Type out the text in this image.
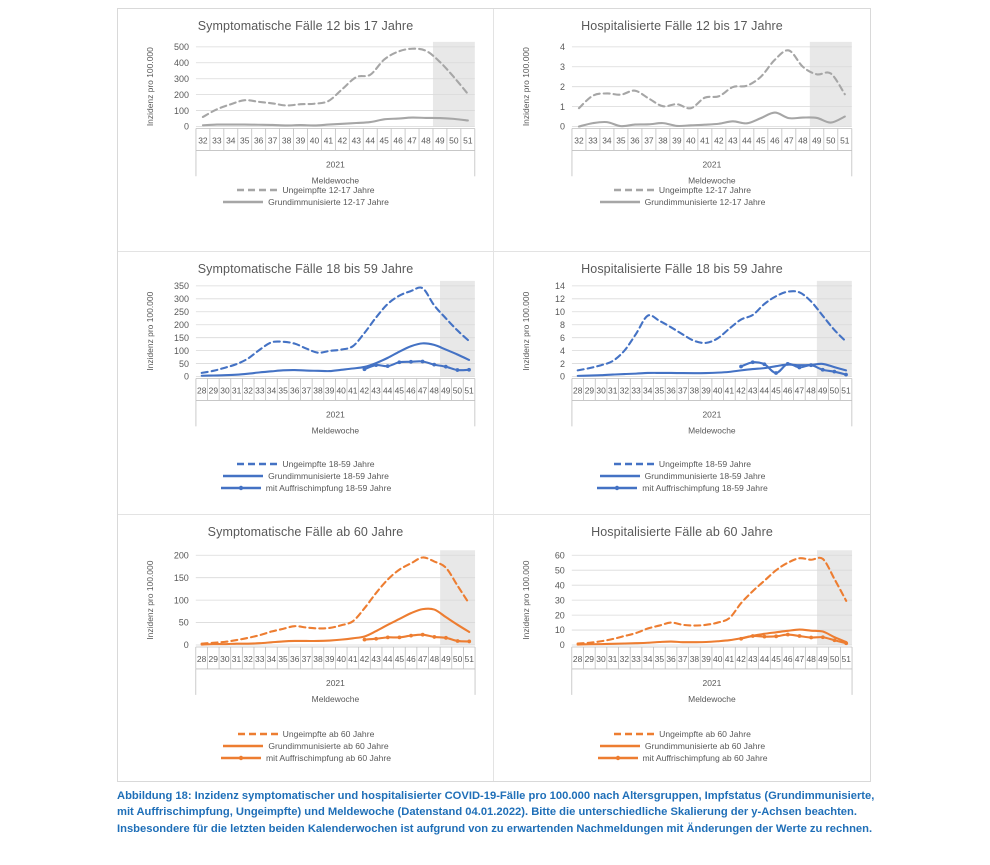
Symptomatische Fälle 12 bis 17 Jahre
0
100
200
300
400
500
32 33 34 35 36 37 38 39 40 41 42 43 44 45 46 47 48 49 50 51
2021
Meldewoche
Inzidenz pro 100.000
Ungeimpfte 12-17 Jahre
Grundimmunisierte 12-17 Jahre
Hospitalisierte Fälle 12 bis 17 Jahre
0
1
2
3
4
32 33 34 35 36 37 38 39 40 41 42 43 44 45 46 47 48 49 50 51
2021
Meldewoche
Inzidenz pro 100.000
Ungeimpfte 12-17 Jahre
Grundimmunisierte 12-17 Jahre
Symptomatische Fälle 18 bis 59 Jahre
0
50
100
150
200
250
300
350
28 29 30 31 32 33 34 35 36 37 38 39 40 41 42 43 44 45 46 47 48 49 50 51
2021
Meldewoche
Inzidenz pro 100.000
Ungeimpfte 18-59 Jahre
Grundimmunisierte 18-59 Jahre
mit Auffrischimpfung 18-59 Jahre
Hospitalisierte Fälle 18 bis 59 Jahre
0
2
4
6
8
10
12
14
28 29 30 31 32 33 34 35 36 37 38 39 40 41 42 43 44 45 46 47 48 49 50 51
2021
Meldewoche
Inzidenz pro 100.000
Ungeimpfte 18-59 Jahre
Grundimmunisierte 18-59 Jahre
mit Auffrischimpfung 18-59 Jahre
Symptomatische Fälle ab 60 Jahre
0
50
100
150
200
28 29 30 31 32 33 34 35 36 37 38 39 40 41 42 43 44 45 46 47 48 49 50 51
2021
Meldewoche
Inzidenz pro 100.000
Ungeimpfte ab 60 Jahre
Grundimmunisierte ab 60 Jahre
mit Auffrischimpfung ab 60 Jahre
Hospitalisierte Fälle ab 60 Jahre
0
10
20
30
40
50
60
28 29 30 31 32 33 34 35 36 37 38 39 40 41 42 43 44 45 46 47 48 49 50 51
2021
Meldewoche
Inzidenz pro 100.000
Ungeimpfte ab 60 Jahre
Grundimmunisierte ab 60 Jahre
mit Auffrischimpfung ab 60 Jahre
Abbildung 18: Inzidenz symptomatischer und hospitalisierter COVID-19-Fälle pro 100.000 nach Altersgruppen, Impfstatus (Grundimmunisierte, mit Auffrischimpfung, Ungeimpfte) und Meldewoche (Datenstand 04.01.2022). Bitte die unterschiedliche Skalierung der y-Achsen beachten. Insbesondere für die letzten beiden Kalenderwochen ist aufgrund von zu erwartenden Nachmeldungen mit Änderungen der Werte zu rechnen.
